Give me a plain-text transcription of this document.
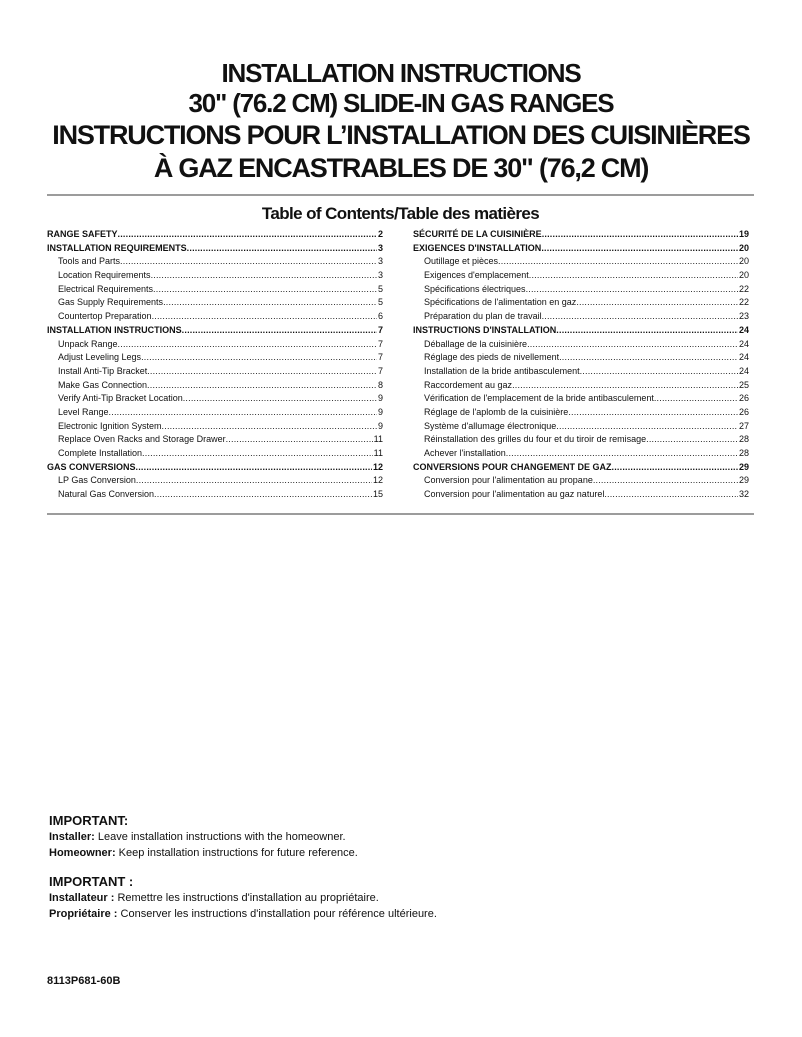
INSTALLATION INSTRUCTIONS
30" (76.2 CM) SLIDE-IN GAS RANGES
INSTRUCTIONS POUR L’INSTALLATION DES CUISINIÈRES
À GAZ ENCASTRABLES DE 30" (76,2 CM)
Table of Contents/Table des matières
RANGE SAFETY .....	2
INSTALLATION REQUIREMENTS .....	3
Tools and Parts .....	3
Location Requirements .....	3
Electrical Requirements .....	5
Gas Supply Requirements .....	5
Countertop Preparation .....	6
INSTALLATION INSTRUCTIONS .....	7
Unpack Range .....	7
Adjust Leveling Legs .....	7
Install Anti-Tip Bracket .....	7
Make Gas Connection .....	8
Verify Anti-Tip Bracket Location .....	9
Level Range .....	9
Electronic Ignition System .....	9
Replace Oven Racks and Storage Drawer .....	11
Complete Installation .....	11
GAS CONVERSIONS .....	12
LP Gas Conversion .....	12
Natural Gas Conversion .....	15
SÉCURITÉ DE LA CUISINIÈRE .....	19
EXIGENCES D'INSTALLATION .....	20
Outillage et pièces .....	20
Exigences d'emplacement .....	20
Spécifications électriques .....	22
Spécifications de l'alimentation en gaz .....	22
Préparation du plan de travail .....	23
INSTRUCTIONS D'INSTALLATION .....	24
Déballage de la cuisinière .....	24
Réglage des pieds de nivellement .....	24
Installation de la bride antibasculement .....	24
Raccordement au gaz .....	25
Vérification de l'emplacement de la bride antibasculement .....	26
Réglage de l'aplomb de la cuisinière .....	26
Système d'allumage électronique .....	27
Réinstallation des grilles du four et du tiroir de remisage .....	28
Achever l'installation .....	28
CONVERSIONS POUR CHANGEMENT DE GAZ .....	29
Conversion pour l'alimentation au propane .....	29
Conversion pour l'alimentation au gaz naturel .....	32
IMPORTANT:
Installer: Leave installation instructions with the homeowner.
Homeowner: Keep installation instructions for future reference.
IMPORTANT :
Installateur : Remettre les instructions d'installation au propriétaire.
Propriétaire : Conserver les instructions d'installation pour référence ultérieure.
8113P681-60B
